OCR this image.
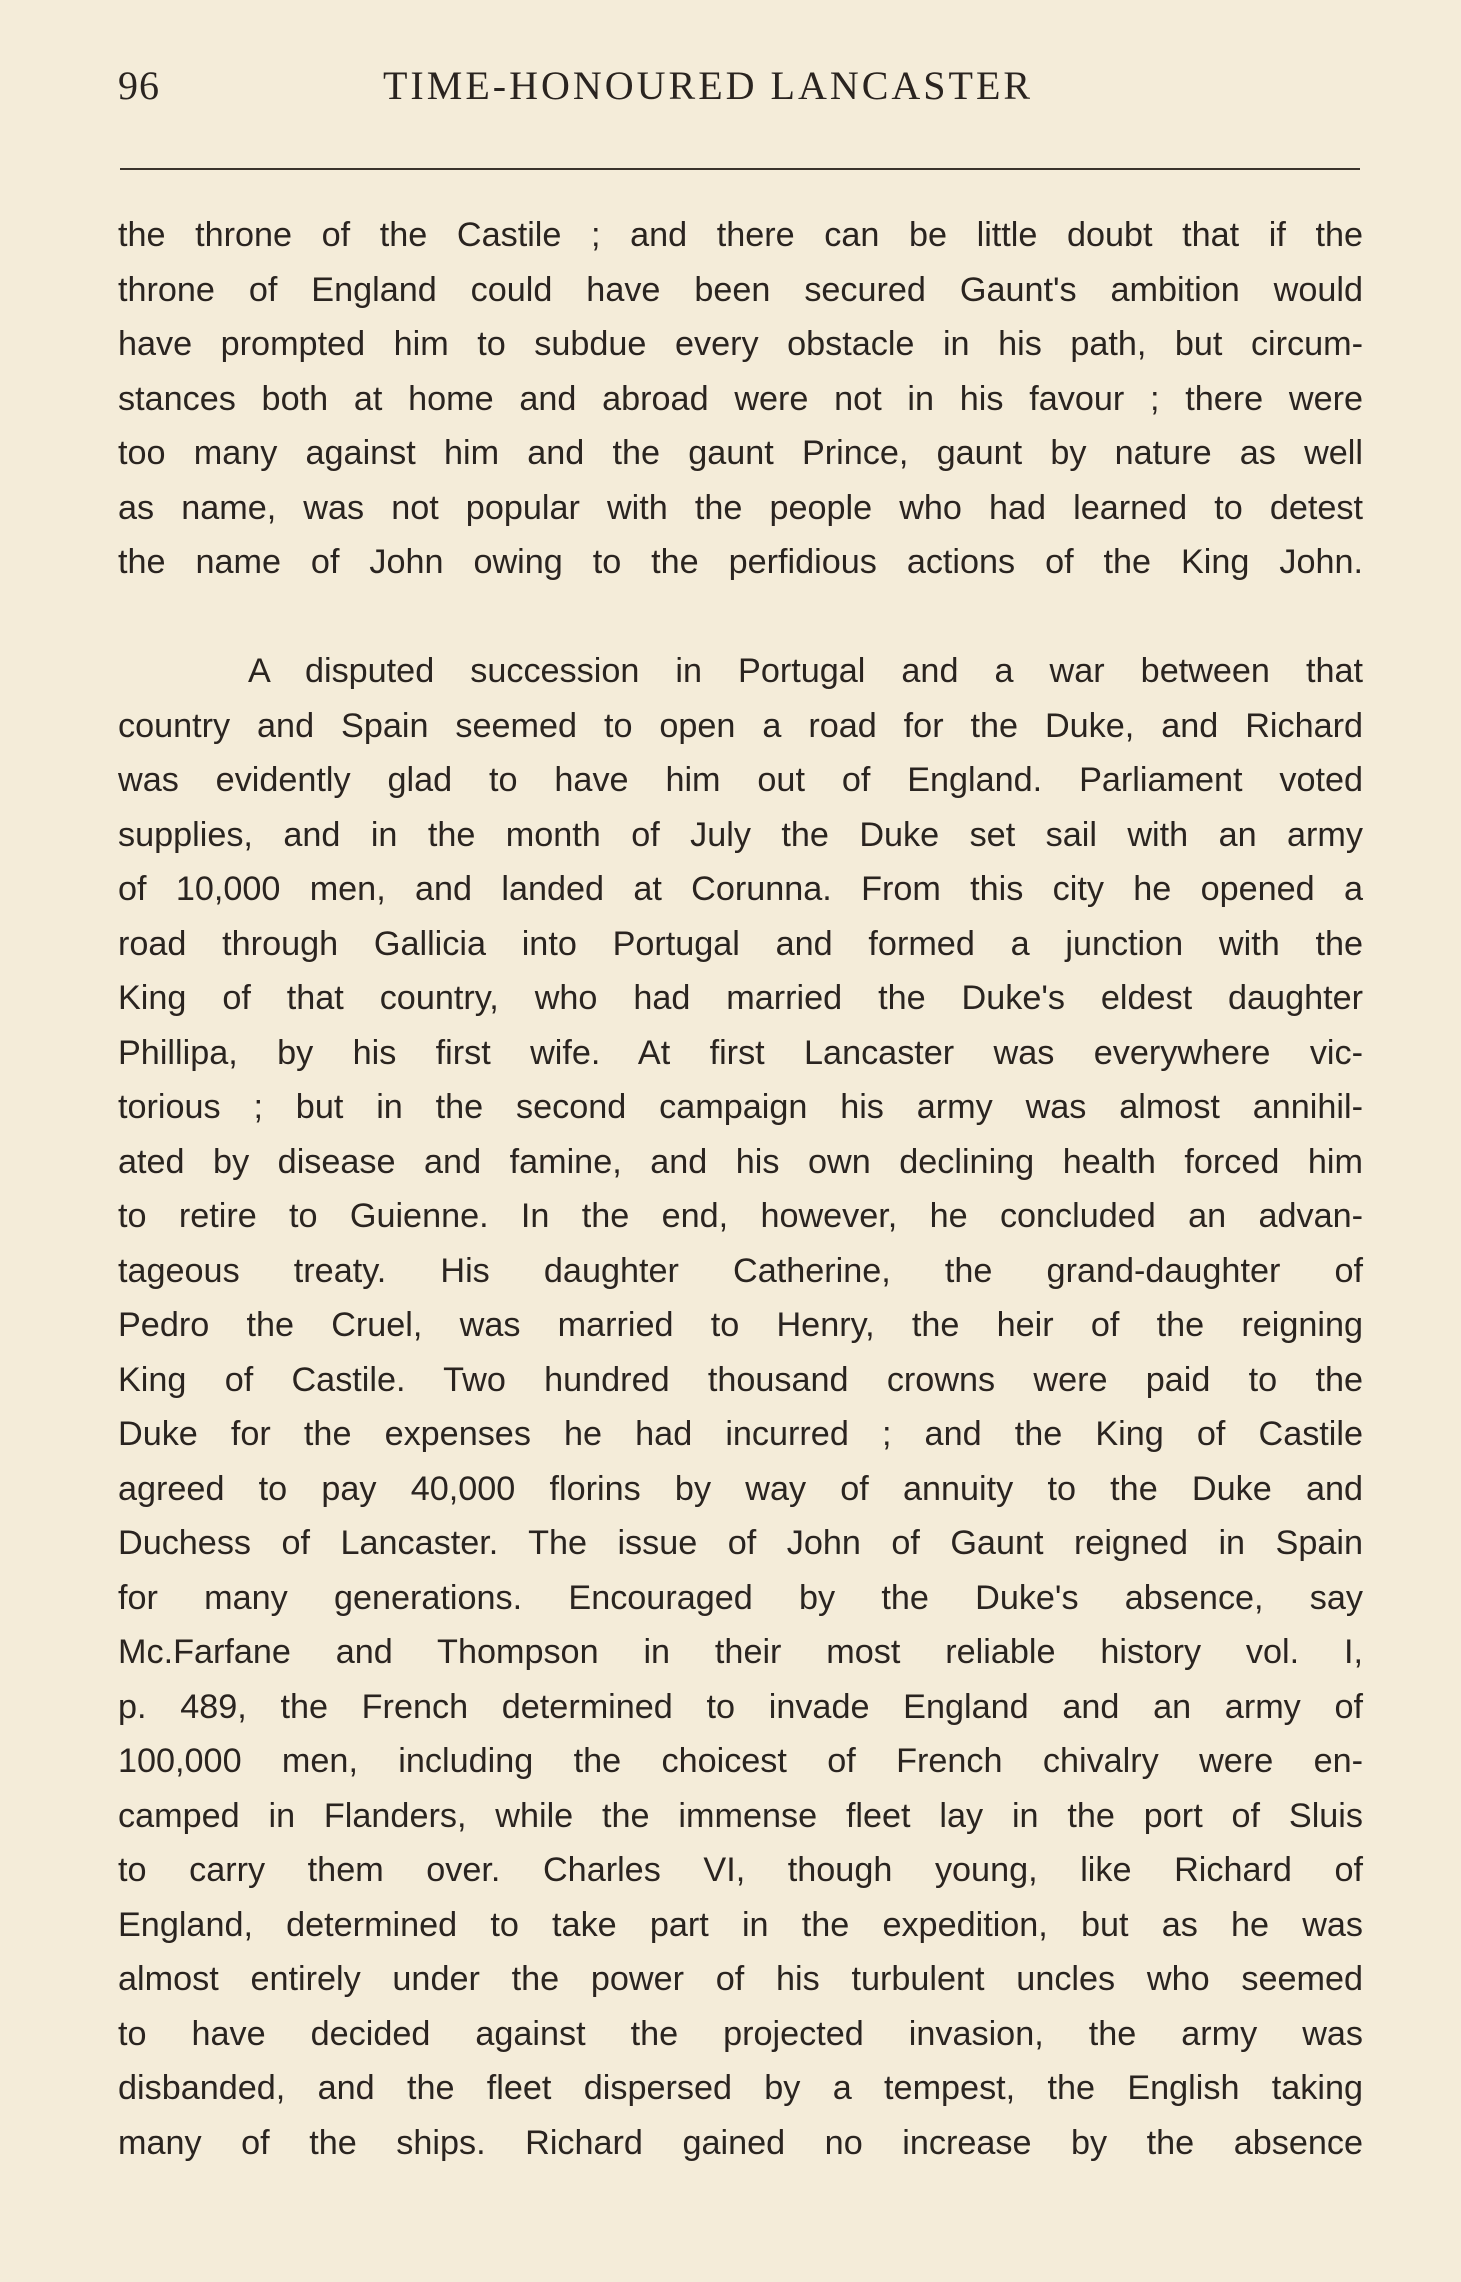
96	TIME-HONOURED LANCASTER
the throne of the Castile ; and there can be little doubt that if the
throne of England could have been secured Gaunt's ambition would
have prompted him to subdue every obstacle in his path, but circum-
stances both at home and abroad were not in his favour ; there were
too many against him and the gaunt Prince, gaunt by nature as well
as name, was not popular with the people who had learned to detest
the name of John owing to the perfidious actions of the King John.
A disputed succession in Portugal and a war between that
country and Spain seemed to open a road for the Duke, and Richard
was evidently glad to have him out of England. Parliament voted
supplies, and in the month of July the Duke set sail with an army
of 10,000 men, and landed at Corunna. From this city he opened a
road through Gallicia into Portugal and formed a junction with the
King of that country, who had married the Duke's eldest daughter
Phillipa, by his first wife. At first Lancaster was everywhere vic-
torious ; but in the second campaign his army was almost annihil-
ated by disease and famine, and his own declining health forced him
to retire to Guienne. In the end, however, he concluded an advan-
tageous treaty. His daughter Catherine, the grand-daughter of
Pedro the Cruel, was married to Henry, the heir of the reigning
King of Castile. Two hundred thousand crowns were paid to the
Duke for the expenses he had incurred ; and the King of Castile
agreed to pay 40,000 florins by way of annuity to the Duke and
Duchess of Lancaster. The issue of John of Gaunt reigned in Spain
for many generations. Encouraged by the Duke's absence, say
Mc.Farfane and Thompson in their most reliable history vol. I,
p. 489, the French determined to invade England and an army of
100,000 men, including the choicest of French chivalry were en-
camped in Flanders, while the immense fleet lay in the port of Sluis
to carry them over. Charles VI, though young, like Richard of
England, determined to take part in the expedition, but as he was
almost entirely under the power of his turbulent uncles who seemed
to have decided against the projected invasion, the army was
disbanded, and the fleet dispersed by a tempest, the English taking
many of the ships. Richard gained no increase by the absence
